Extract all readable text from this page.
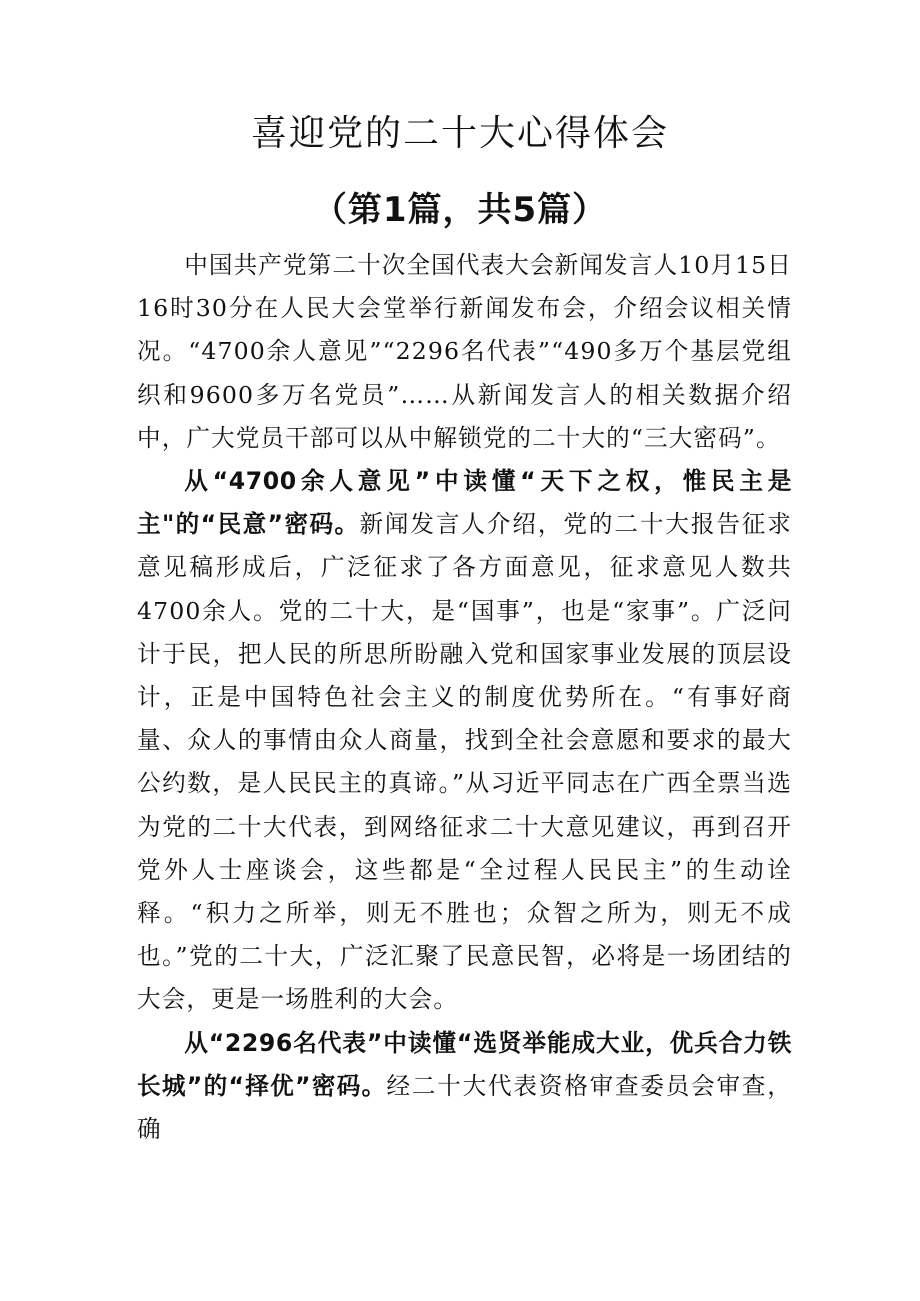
喜迎党的二十大心得体会
（第1篇，共5篇）

中国共产党第二十次全国代表大会新闻发言人10月15日16时30分在人民大会堂举行新闻发布会，介绍会议相关情况。“4700余人意见”“2296名代表”“490多万个基层党组织和9600多万名党员”……从新闻发言人的相关数据介绍中，广大党员干部可以从中解锁党的二十大的“三大密码”。

从“4700余人意见”中读懂“天下之权，惟民主是主"的“民意”密码。新闻发言人介绍，党的二十大报告征求意见稿形成后，广泛征求了各方面意见，征求意见人数共4700余人。党的二十大，是“国事”，也是“家事”。广泛问计于民，把人民的所思所盼融入党和国家事业发展的顶层设计，正是中国特色社会主义的制度优势所在。“有事好商量、众人的事情由众人商量，找到全社会意愿和要求的最大公约数，是人民民主的真谛。”从习近平同志在广西全票当选为党的二十大代表，到网络征求二十大意见建议，再到召开党外人士座谈会，这些都是“全过程人民民主”的生动诠释。“积力之所举，则无不胜也；众智之所为，则无不成也。”党的二十大，广泛汇聚了民意民智，必将是一场团结的大会，更是一场胜利的大会。

从“2296名代表”中读懂“选贤举能成大业，优兵合力铁长城”的“择优”密码。经二十大代表资格审查委员会审查，确
